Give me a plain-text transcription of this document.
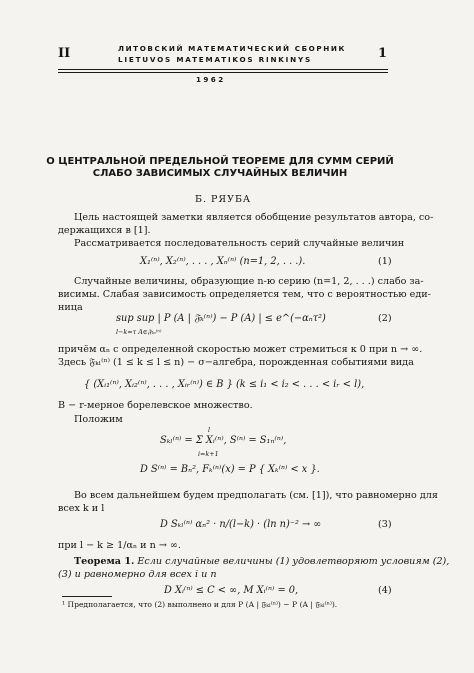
II	ЛИТОВСКИЙ МАТЕМАТИЧЕСКИЙ СБОРНИК
LIETUVOS MATEMATIKOS RINKINYS	1
1962
О ЦЕНТРАЛЬНОЙ ПРЕДЕЛЬНОЙ ТЕОРЕМЕ ДЛЯ СУММ СЕРИЙ
СЛАБО ЗАВИСИМЫХ СЛУЧАЙНЫХ ВЕЛИЧИН
Б. РЯУБА
Цель настоящей заметки является обобщение результатов автора, со-
держащихся в [1].
Рассматривается последовательность серий случайные величин
X₁⁽ⁿ⁾, X₂⁽ⁿ⁾, . . . , Xₙ⁽ⁿ⁾ (n=1, 2, . . .).	(1)
Случайные величины, образующие n-ю серию (n=1, 2, . . .) слабо за-
висимы. Слабая зависимость определяется тем, что с вероятностью еди-
ница
sup sup | P (A | 𝔉ₖ⁽ⁿ⁾) − P (A) | ≤ e^(−αₙτ²)
l−k=τ A∈𝔉ₗₙ⁽ⁿ⁾
(2)
причём αₙ с определенной скоростью может стремиться к 0 при n → ∞.
Здесь 𝔉ₖₗ⁽ⁿ⁾ (1 ≤ k ≤ l ≤ n) − σ−алгебра, порожденная событиями вида
{ (Xᵢ₁⁽ⁿ⁾, Xᵢ₂⁽ⁿ⁾, . . . , Xᵢᵣ⁽ⁿ⁾) ∈ B } (k ≤ i₁ < i₂ < . . . < iᵣ < l),
B − r-мерное борелевское множество.
Положим
l
Sₖₗ⁽ⁿ⁾ = Σ Xᵢ⁽ⁿ⁾, S⁽ⁿ⁾ = S₁ₙ⁽ⁿ⁾,
i=k+1
D S⁽ⁿ⁾ = Bₙ², Fₖ⁽ⁿ⁾(x) = P { Xₖ⁽ⁿ⁾ < x }.
Во всем дальнейшем будем предполагать (см. [1]), что равномерно для
всех k и l
D Sₖₗ⁽ⁿ⁾ αₙ² · n/(l−k) · (ln n)⁻² → ∞	(3)
при l − k ≥ 1/αₙ и n → ∞.
Теорема 1. Если случайные величины (1) удовлетворяют условиям (2),
(3) и равномерно для всех i и n
D Xᵢ⁽ⁿ⁾ ≤ C < ∞, M Xᵢ⁽ⁿ⁾ = 0,	(4)
¹ Предполагается, что (2) выполнено и для P (A | 𝔉ₖₗ⁽ⁿ⁾) − P (A | 𝔉ₖₗ⁽ⁿ⁾).
